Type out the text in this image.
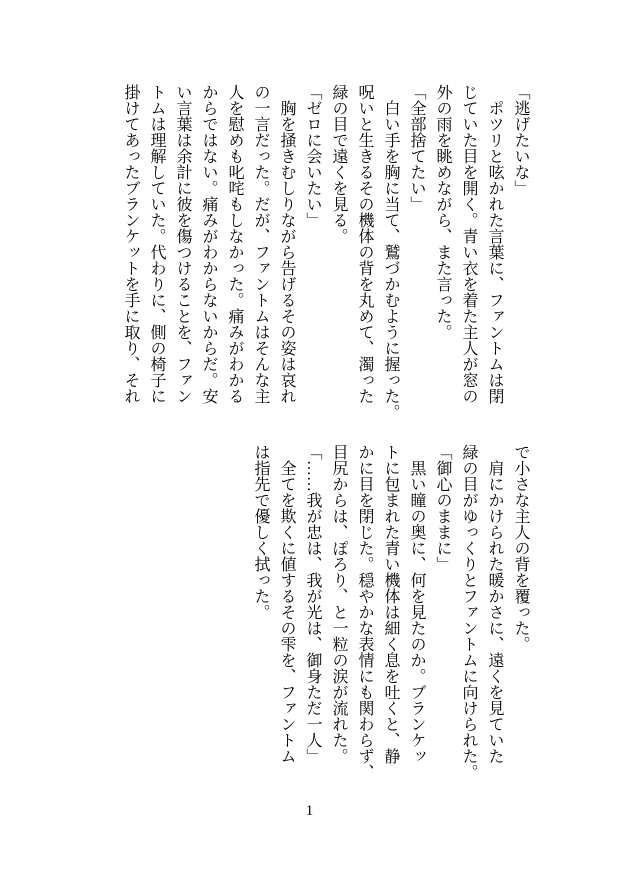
「逃げたいな」
　ポツリと呟かれた言葉に、ファントムは閉
じていた目を開く。青い衣を着た主人が窓の
外の雨を眺めながら、また言った。
「全部捨てたい」
　白い手を胸に当て、鷲づかむように握った。
呪いと生きるその機体の背を丸めて、濁った
緑の目で遠くを見る。
「ゼロに会いたい」
　胸を掻きむしりながら告げるその姿は哀れ
の一言だった。だが、ファントムはそんな主
人を慰めも叱咤もしなかった。痛みがわかる
からではない。痛みがわからないからだ。安
い言葉は余計に彼を傷つけることを、ファン
トムは理解していた。代わりに、側の椅子に
掛けてあったブランケットを手に取り、それ
で小さな主人の背を覆った。
　肩にかけられた暖かさに、遠くを見ていた
緑の目がゆっくりとファントムに向けられた。
「御心のままに」
　黒い瞳の奥に、何を見たのか。ブランケッ
トに包まれた青い機体は細く息を吐くと、静
かに目を閉じた。穏やかな表情にも関わらず、
目尻からは、ぽろり、と一粒の涙が流れた。
「……我が忠は、我が光は、御身ただ一人」
　全てを欺くに値するその雫を、ファントム
は指先で優しく拭った。
1
